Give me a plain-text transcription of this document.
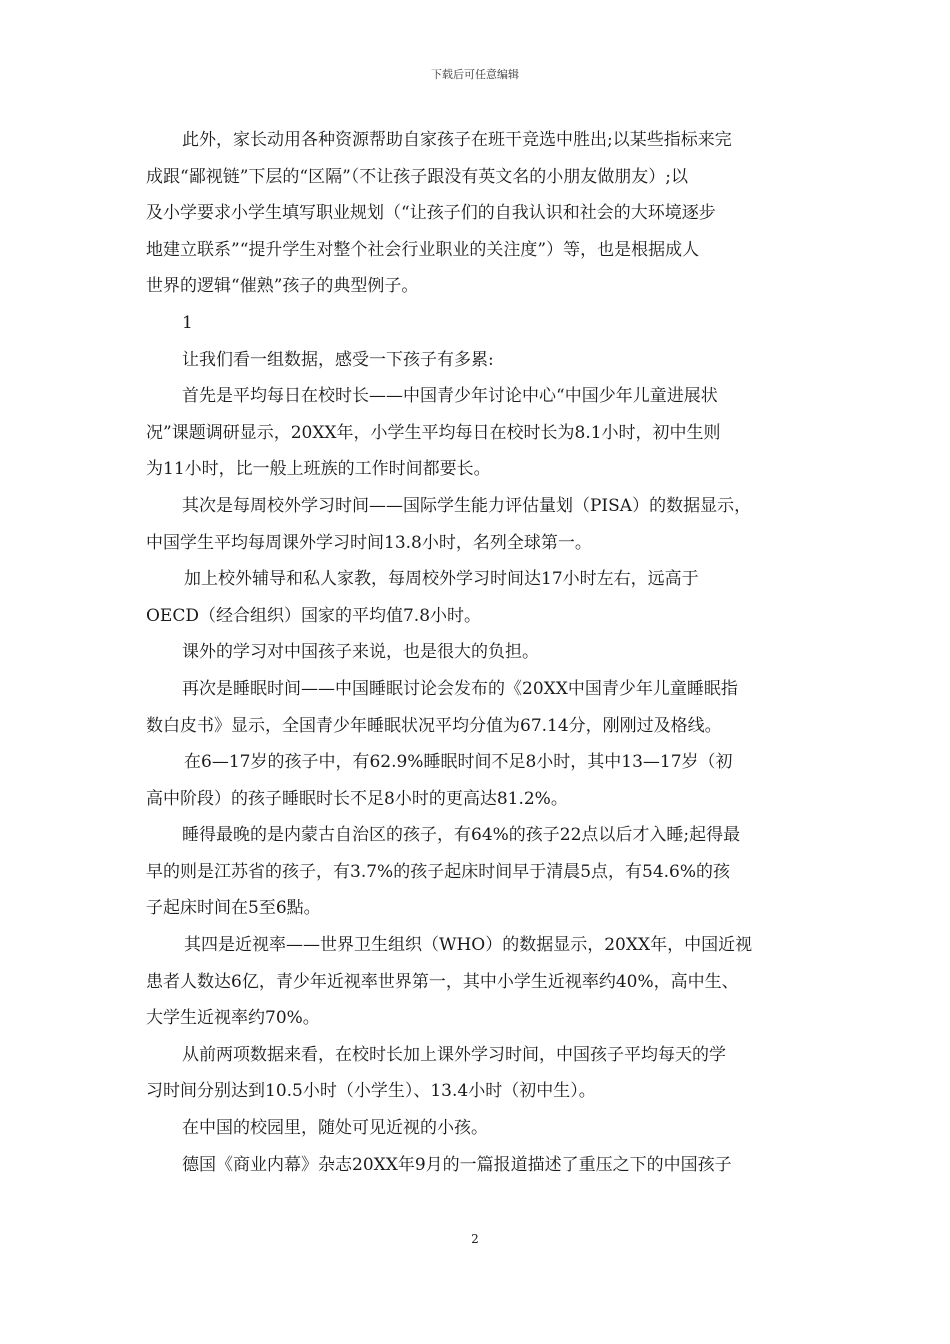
下载后可任意编辑

此外，家长动用各种资源帮助自家孩子在班干竞选中胜出;以某些指标来完
成跟“鄙视链”下层的“区隔”（不让孩子跟没有英文名的小朋友做朋友）;以
及小学要求小学生填写职业规划（“让孩子们的自我认识和社会的大环境逐步
地建立联系”“提升学生对整个社会行业职业的关注度”）等，也是根据成人
世界的逻辑“催熟”孩子的典型例子。

1

让我们看一组数据，感受一下孩子有多累:

首先是平均每日在校时长——中国青少年讨论中心“中国少年儿童进展状
况”课题调研显示，20XX年，小学生平均每日在校时长为8.1小时，初中生则
为11小时，比一般上班族的工作时间都要长。

其次是每周校外学习时间——国际学生能力评估量划（PISA）的数据显示，
中国学生平均每周课外学习时间13.8小时，名列全球第一。

加上校外辅导和私人家教，每周校外学习时间达17小时左右，远高于
OECD（经合组织）国家的平均值7.8小时。

课外的学习对中国孩子来说，也是很大的负担。

再次是睡眠时间——中国睡眠讨论会发布的《20XX中国青少年儿童睡眠指
数白皮书》显示，全国青少年睡眠状况平均分值为67.14分，刚刚过及格线。

在6—17岁的孩子中，有62.9%睡眠时间不足8小时，其中13—17岁（初
高中阶段）的孩子睡眠时长不足8小时的更高达81.2%。

睡得最晚的是内蒙古自治区的孩子，有64%的孩子22点以后才入睡;起得最
早的则是江苏省的孩子，有3.7%的孩子起床时间早于清晨5点，有54.6%的孩
子起床时间在5至6點。

其四是近视率——世界卫生组织（WHO）的数据显示，20XX年，中国近视
患者人数达6亿，青少年近视率世界第一，其中小学生近视率约40%，高中生、
大学生近视率约70%。

从前两项数据来看，在校时长加上课外学习时间，中国孩子平均每天的学
习时间分别达到10.5小时（小学生）、13.4小时（初中生）。

在中国的校园里，随处可见近视的小孩。

德国《商业内幕》杂志20XX年9月的一篇报道描述了重压之下的中国孩子

2
